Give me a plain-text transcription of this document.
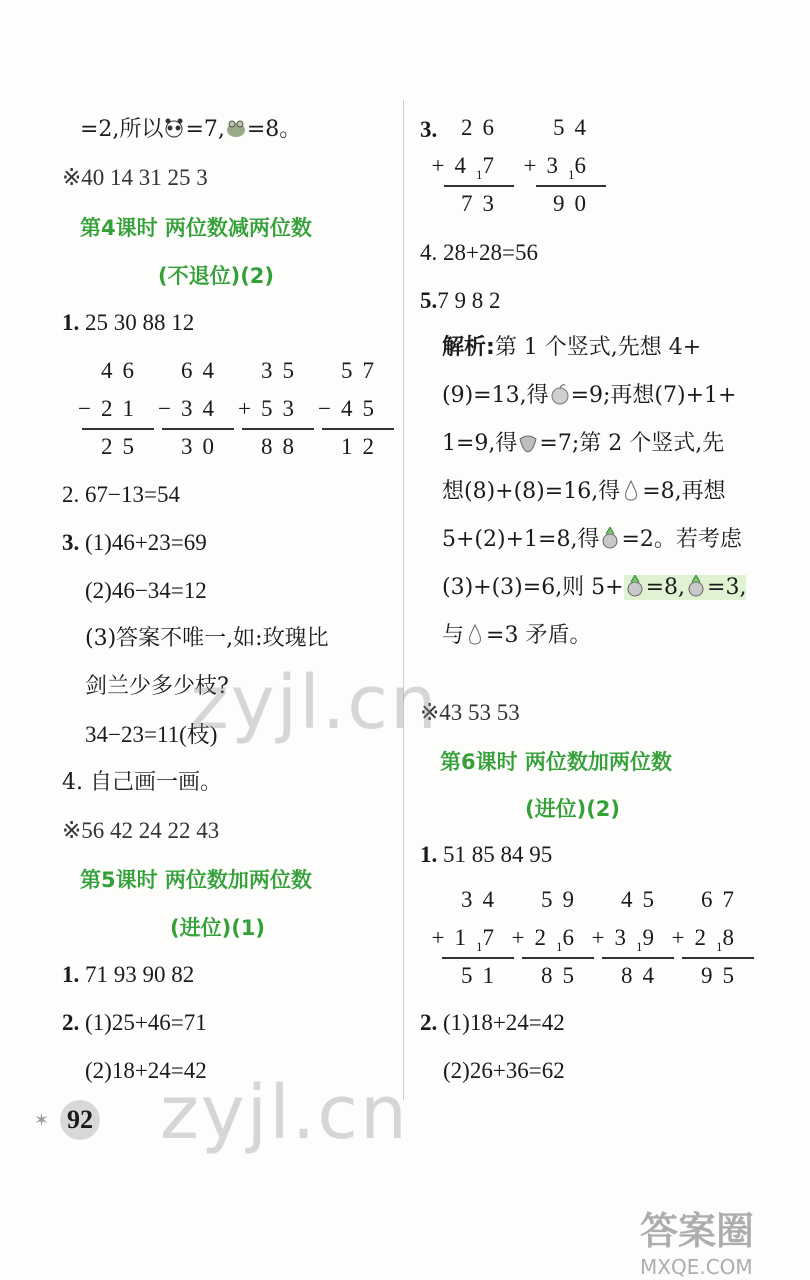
=2,所以 =7, =8。
※40 14 31 25 3
第4课时 两位数减两位数
(不退位)(2)
1. 25 30 88 12
46
−21
25
64
−34
30
35
+53
88
57
−45
12
2. 67−13=54
3. (1)46+23=69
(2)46−34=12
(3)答案不唯一,如:玫瑰比
剑兰少多少枝?
34−23=11(枝)
4. 自己画一画。
※56 42 24 22 43
第5课时 两位数加两位数
(进位)(1)
1. 71 93 90 82
2. (1)25+46=71
(2)18+24=42
3. 26
$+4_17$
73
54
$+3_16$
90
4. 28+28=56
5.7 9 8 2
解析:第 1 个竖式,先想 4+
(9)=13,得 =9;再想(7)+1+
1=9,得 =7;第 2 个竖式,先
想(8)+(8)=16,得 =8,再想
5+(2)+1=8,得 =2。若考虑
(3)+(3)=6,则 5+ =8, =3,
与 =3 矛盾。
※43 53 53
第6课时 两位数加两位数
(进位)(2)
1. 51 85 84 95
34
$+1_17$
51
59
$+2_16$
85
45
$+3_19$
84
67
$+2_18$
95
2. (1)18+24=42
(2)26+36=62
✶ 92
zyjl.cn
zyjl.cn
答案圈
MXQE.COM
